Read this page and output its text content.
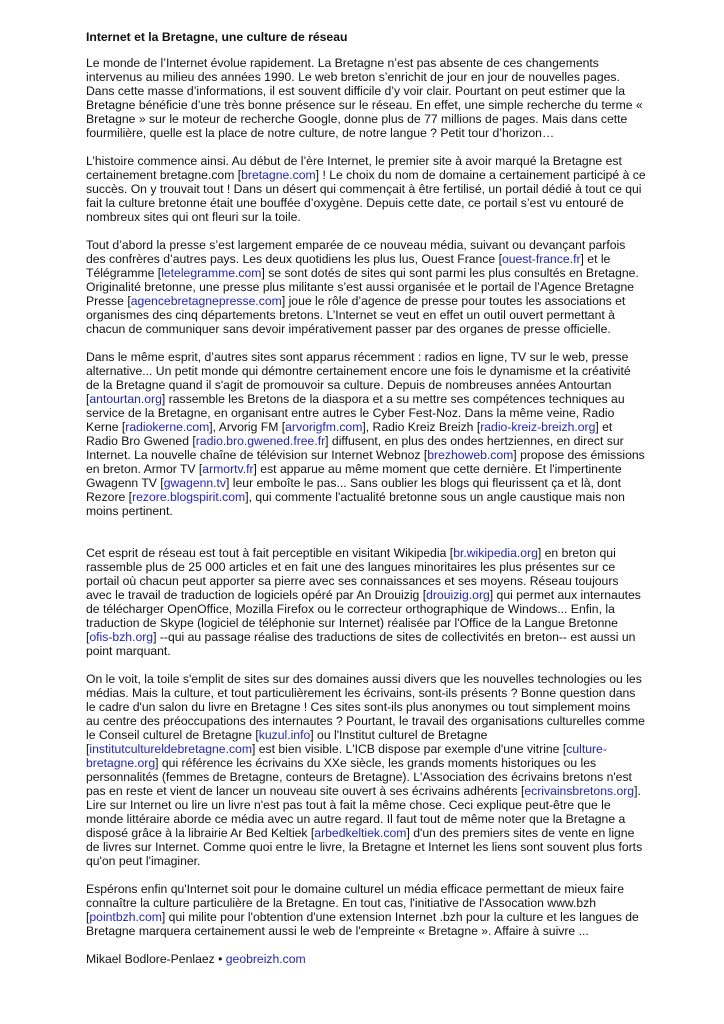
Internet et la Bretagne, une culture de réseau

Le monde de l’Internet évolue rapidement. La Bretagne n’est pas absente de ces changements intervenus au milieu des années 1990. Le web breton s’enrichit de jour en jour de nouvelles pages. Dans cette masse d’informations, il est souvent difficile d’y voir clair. Pourtant on peut estimer que la Bretagne bénéficie d’une très bonne présence sur le réseau. En effet, une simple recherche du terme « Bretagne » sur le moteur de recherche Google, donne plus de 77 millions de pages. Mais dans cette fourmilière, quelle est la place de notre culture, de notre langue ? Petit tour d’horizon…

L’histoire commence ainsi. Au début de l’ère Internet, le premier site à avoir marqué la Bretagne est certainement bretagne.com [bretagne.com] ! Le choix du nom de domaine a certainement participé à ce succès. On y trouvait tout ! Dans un désert qui commençait à être fertilisé, un portail dédié à tout ce qui fait la culture bretonne était une bouffée d’oxygène. Depuis cette date, ce portail s’est vu entouré de nombreux sites qui ont fleuri sur la toile.

Tout d’abord la presse s’est largement emparée de ce nouveau média, suivant ou devançant parfois des confrères d’autres pays. Les deux quotidiens les plus lus, Ouest France [ouest-france.fr] et le Télégramme [letelegramme.com] se sont dotés de sites qui sont parmi les plus consultés en Bretagne. Originalité bretonne, une presse plus militante s’est aussi organisée et le portail de l’Agence Bretagne Presse [agencebretagnepresse.com] joue le rôle d’agence de presse pour toutes les associations et organismes des cinq départements bretons. L’Internet se veut en effet un outil ouvert permettant à chacun de communiquer sans devoir impérativement passer par des organes de presse officielle.

Dans le même esprit, d’autres sites sont apparus récemment : radios en ligne, TV sur le web, presse alternative... Un petit monde qui démontre certainement encore une fois le dynamisme et la créativité de la Bretagne quand il s'agit de promouvoir sa culture. Depuis de nombreuses années Antourtan [antourtan.org] rassemble les Bretons de la diaspora et a su mettre ses compétences techniques au service de la Bretagne, en organisant entre autres le Cyber Fest-Noz. Dans la même veine, Radio Kerne [radiokerne.com], Arvorig FM [arvorigfm.com], Radio Kreiz Breizh [radio-kreiz-breizh.org] et Radio Bro Gwened [radio.bro.gwened.free.fr] diffusent, en plus des ondes hertziennes, en direct sur Internet. La nouvelle chaîne de télévision sur Internet Webnoz [brezhoweb.com] propose des émissions en breton. Armor TV [armortv.fr] est apparue au même moment que cette dernière. Et l'impertinente Gwagenn TV [gwagenn.tv] leur emboîte le pas... Sans oublier les blogs qui fleurissent ça et là, dont Rezore [rezore.blogspirit.com], qui commente l'actualité bretonne sous un angle caustique mais non moins pertinent.

Cet esprit de réseau est tout à fait perceptible en visitant Wikipedia [br.wikipedia.org] en breton qui rassemble plus de 25 000 articles et en fait une des langues minoritaires les plus présentes sur ce portail où chacun peut apporter sa pierre avec ses connaissances et ses moyens. Réseau toujours avec le travail de traduction de logiciels opéré par An Drouizig [drouizig.org] qui permet aux internautes de télécharger OpenOffice, Mozilla Firefox ou le correcteur orthographique de Windows... Enfin, la traduction de Skype (logiciel de téléphonie sur Internet) réalisée par l'Office de la Langue Bretonne [ofis-bzh.org] --qui au passage réalise des traductions de sites de collectivités en breton-- est aussi un point marquant.

On le voit, la toile s'emplit de sites sur des domaines aussi divers que les nouvelles technologies ou les médias. Mais la culture, et tout particulièrement les écrivains, sont-ils présents ? Bonne question dans le cadre d'un salon du livre en Bretagne ! Ces sites sont-ils plus anonymes ou tout simplement moins au centre des préoccupations des internautes ? Pourtant, le travail des organisations culturelles comme le Conseil culturel de Bretagne [kuzul.info] ou l'Institut culturel de Bretagne [institutcultureldebretagne.com] est bien visible. L'ICB dispose par exemple d'une vitrine [culture-bretagne.org] qui référence les écrivains du XXe siècle, les grands moments historiques ou les personnalités (femmes de Bretagne, conteurs de Bretagne). L'Association des écrivains bretons n'est pas en reste et vient de lancer un nouveau site ouvert à ses écrivains adhérents [ecrivainsbretons.org]. Lire sur Internet ou lire un livre n'est pas tout à fait la même chose. Ceci explique peut-être que le monde littéraire aborde ce média avec un autre regard. Il faut tout de même noter que la Bretagne a disposé grâce à la librairie Ar Bed Keltiek [arbedkeltiek.com] d'un des premiers sites de vente en ligne de livres sur Internet. Comme quoi entre le livre, la Bretagne et Internet les liens sont souvent plus forts qu'on peut l'imaginer.

Espérons enfin qu'Internet soit pour le domaine culturel un média efficace permettant de mieux faire connaître la culture particulière de la Bretagne. En tout cas, l'initiative de l'Assocation www.bzh [pointbzh.com] qui milite pour l'obtention d'une extension Internet .bzh pour la culture et les langues de Bretagne marquera certainement aussi le web de l'empreinte « Bretagne ». Affaire à suivre ...

Mikael Bodlore-Penlaez • geobreizh.com
